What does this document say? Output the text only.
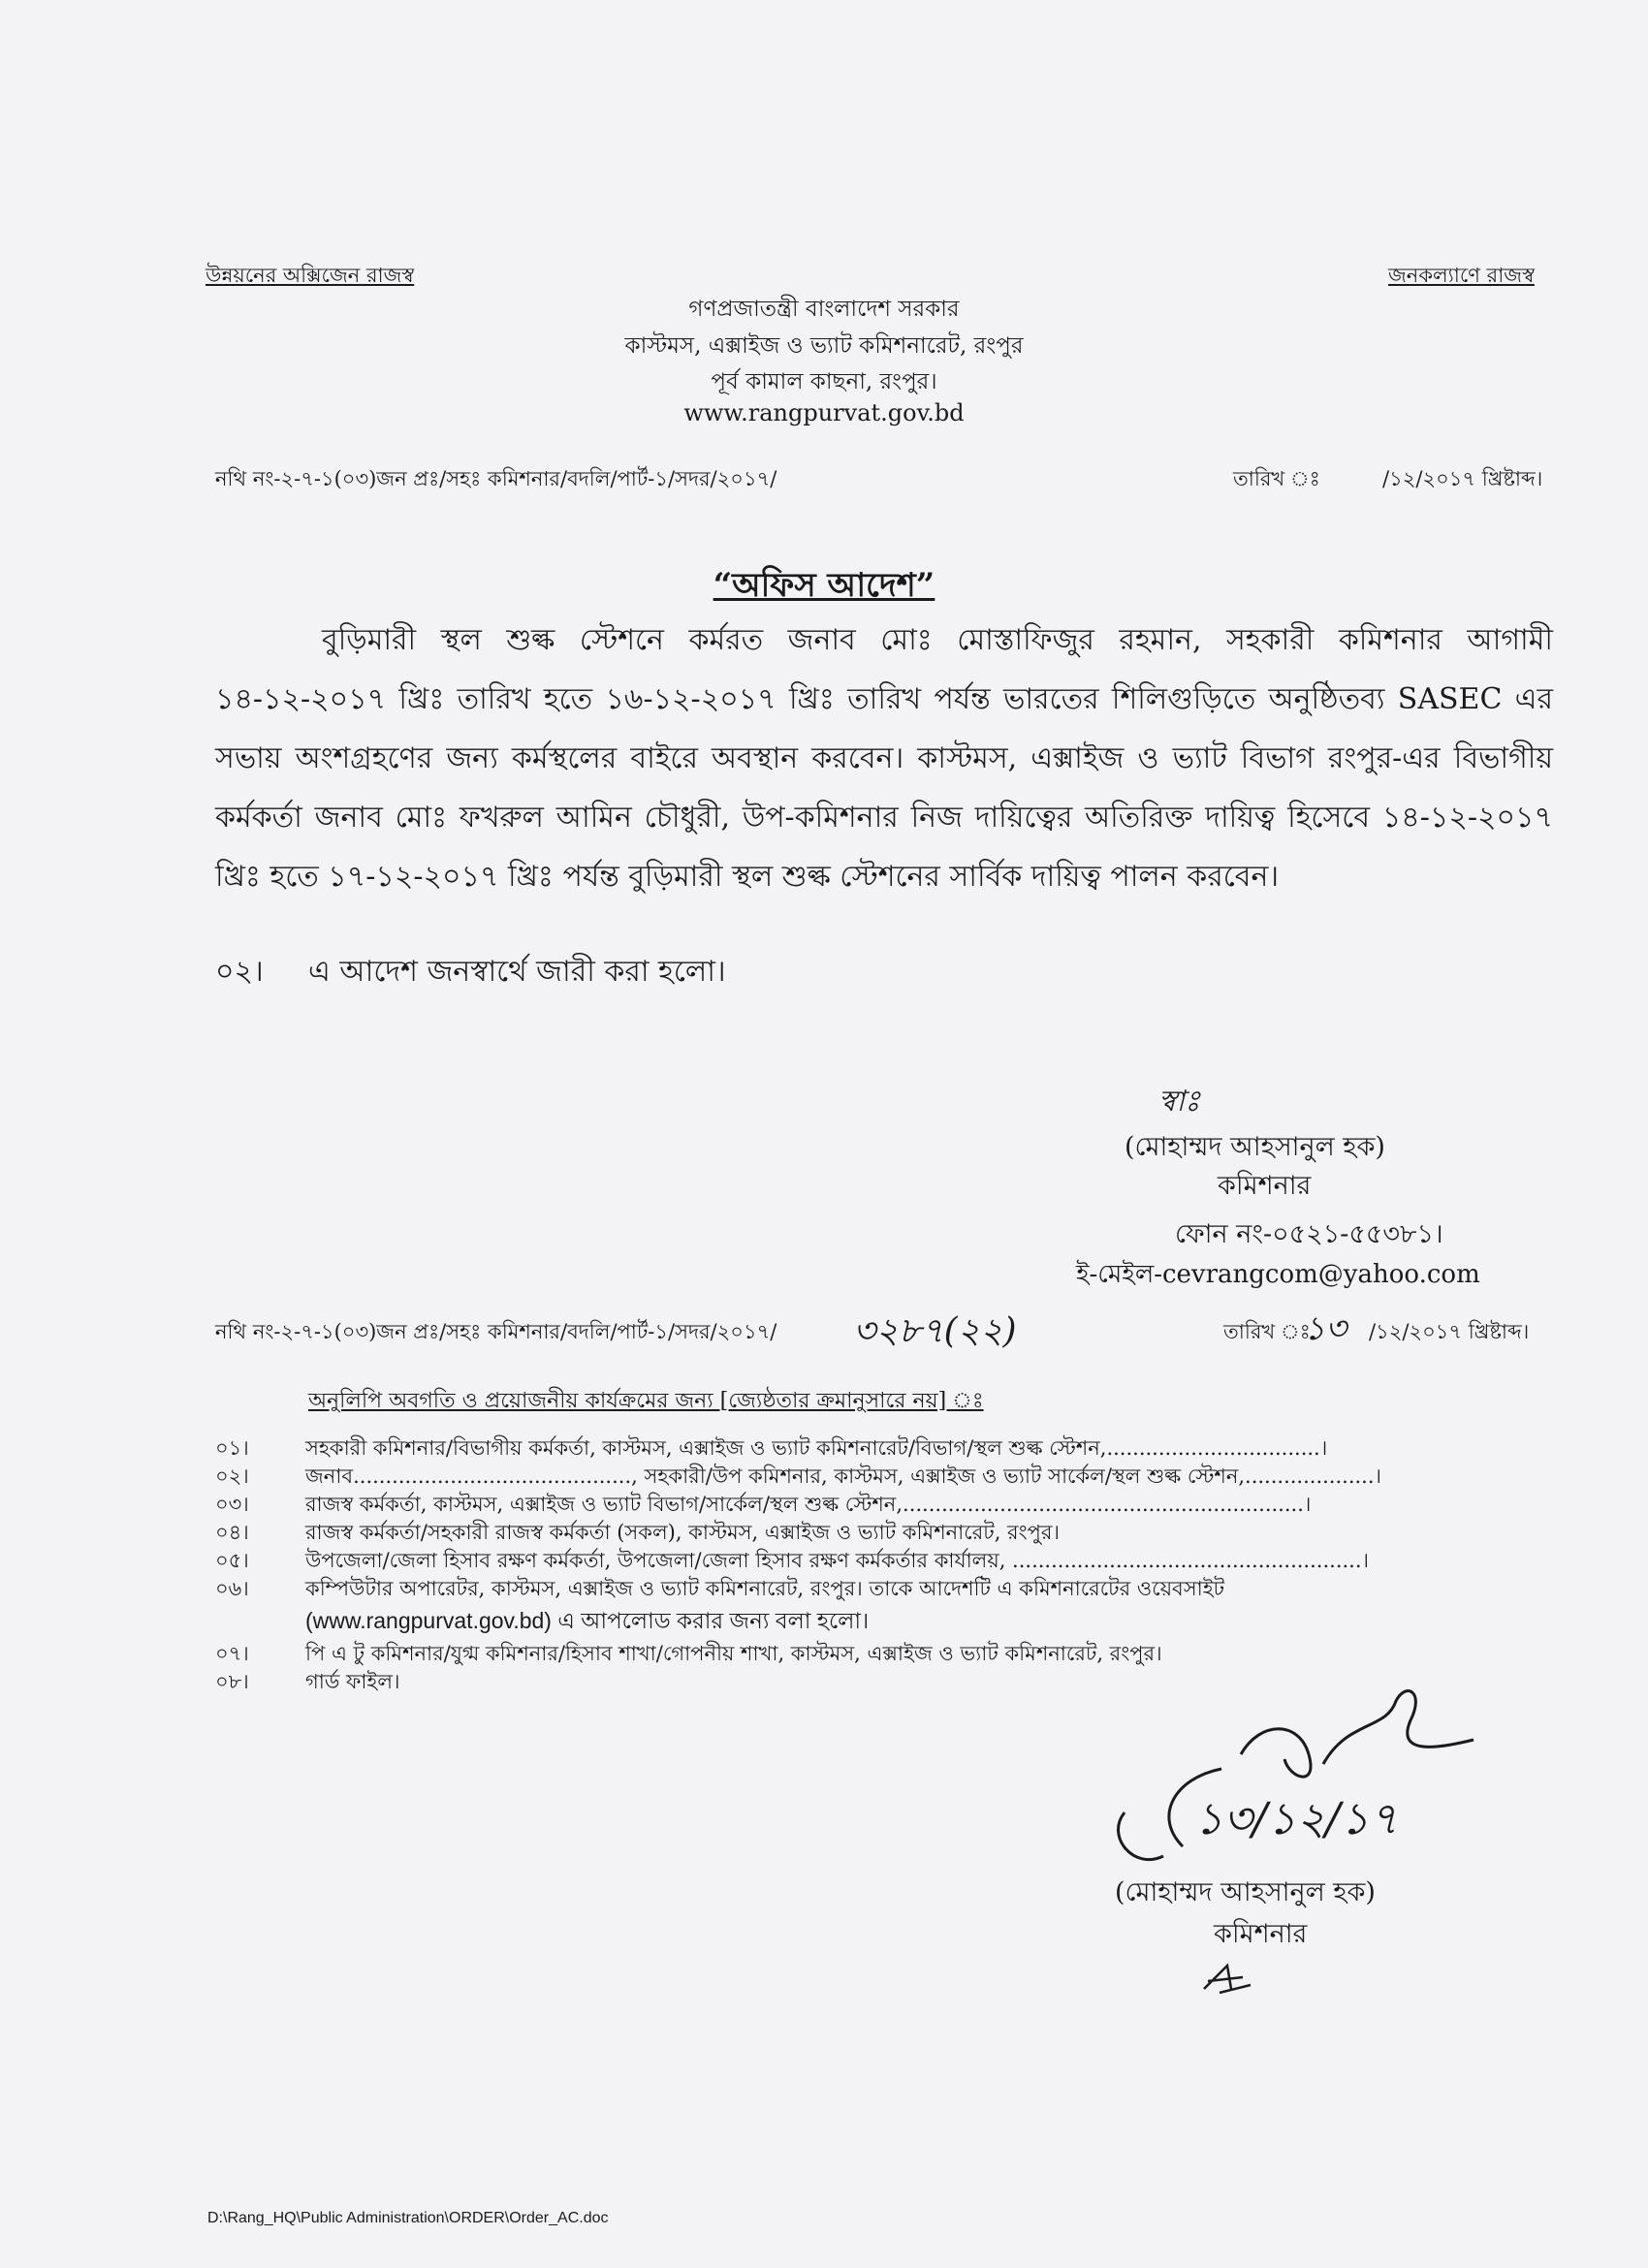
উন্নয়নের অক্সিজেন রাজস্ব	জনকল্যাণে রাজস্ব
গণপ্রজাতন্ত্রী বাংলাদেশ সরকার
কাস্টমস, এক্সাইজ ও ভ্যাট কমিশনারেট, রংপুর
পূর্ব কামাল কাছনা, রংপুর।
www.rangpurvat.gov.bd
নথি নং-২-৭-১(০৩)জন প্রঃ/সহঃ কমিশনার/বদলি/পার্ট-১/সদর/২০১৭/	তারিখ ঃ	/১২/২০১৭ খ্রিষ্টাব্দ।
“অফিস আদেশ”

বুড়িমারী স্থল শুল্ক স্টেশনে কর্মরত জনাব মোঃ মোস্তাফিজুর রহমান, সহকারী কমিশনার আগামী ১৪-১২-২০১৭ খ্রিঃ তারিখ হতে ১৬-১২-২০১৭ খ্রিঃ তারিখ পর্যন্ত ভারতের শিলিগুড়িতে অনুষ্ঠিতব্য SASEC এর সভায় অংশগ্রহণের জন্য কর্মস্থলের বাইরে অবস্থান করবেন। কাস্টমস, এক্সাইজ ও ভ্যাট বিভাগ রংপুর-এর বিভাগীয় কর্মকর্তা জনাব মোঃ ফখরুল আমিন চৌধুরী, উপ-কমিশনার নিজ দায়িত্বের অতিরিক্ত দায়িত্ব হিসেবে ১৪-১২-২০১৭ খ্রিঃ হতে ১৭-১২-২০১৭ খ্রিঃ পর্যন্ত বুড়িমারী স্থল শুল্ক স্টেশনের সার্বিক দায়িত্ব পালন করবেন।

০২। এ আদেশ জনস্বার্থে জারী করা হলো।
স্বাঃ
(মোহাম্মদ আহসানুল হক)
কমিশনার
ফোন নং-০৫২১-৫৫৩৮১।
ই-মেইল-cevrangcom@yahoo.com
নথি নং-২-৭-১(০৩)জন প্রঃ/সহঃ কমিশনার/বদলি/পার্ট-১/সদর/২০১৭/ ৩২৮৭(২২)	তারিখ ঃ
১৩ /১২/২০১৭ খ্রিষ্টাব্দ।
অনুলিপি অবগতি ও প্রয়োজনীয় কার্যক্রমের জন্য [জ্যেষ্ঠতার ক্রমানুসারে নয়] ঃ
০১।	সহকারী কমিশনার/বিভাগীয় কর্মকর্তা, কাস্টমস, এক্সাইজ ও ভ্যাট কমিশনারেট/বিভাগ/স্থল শুল্ক স্টেশন,.................................।
০২।	জনাব..........................................., সহকারী/উপ কমিশনার, কাস্টমস, এক্সাইজ ও ভ্যাট সার্কেল/স্থল শুল্ক স্টেশন,....................।
০৩।	রাজস্ব কর্মকর্তা, কাস্টমস, এক্সাইজ ও ভ্যাট বিভাগ/সার্কেল/স্থল শুল্ক স্টেশন,..............................................................।
০৪।	রাজস্ব কর্মকর্তা/সহকারী রাজস্ব কর্মকর্তা (সকল), কাস্টমস, এক্সাইজ ও ভ্যাট কমিশনারেট, রংপুর।
০৫।	উপজেলা/জেলা হিসাব রক্ষণ কর্মকর্তা, উপজেলা/জেলা হিসাব রক্ষণ কর্মকর্তার কার্যালয়, ......................................................।
০৬।	কম্পিউটার অপারেটর, কাস্টমস, এক্সাইজ ও ভ্যাট কমিশনারেট, রংপুর। তাকে আদেশটি এ কমিশনারেটের ওয়েবসাইট
(www.rangpurvat.gov.bd) এ আপলোড করার জন্য বলা হলো।
০৭।	পি এ টু কমিশনার/যুগ্ম কমিশনার/হিসাব শাখা/গোপনীয় শাখা, কাস্টমস, এক্সাইজ ও ভ্যাট কমিশনারেট, রংপুর।
০৮।	গার্ড ফাইল।
১৩/১২/১৭
(মোহাম্মদ আহসানুল হক)
কমিশনার
D:\Rang_HQ\Public Administration\ORDER\Order_AC.doc
